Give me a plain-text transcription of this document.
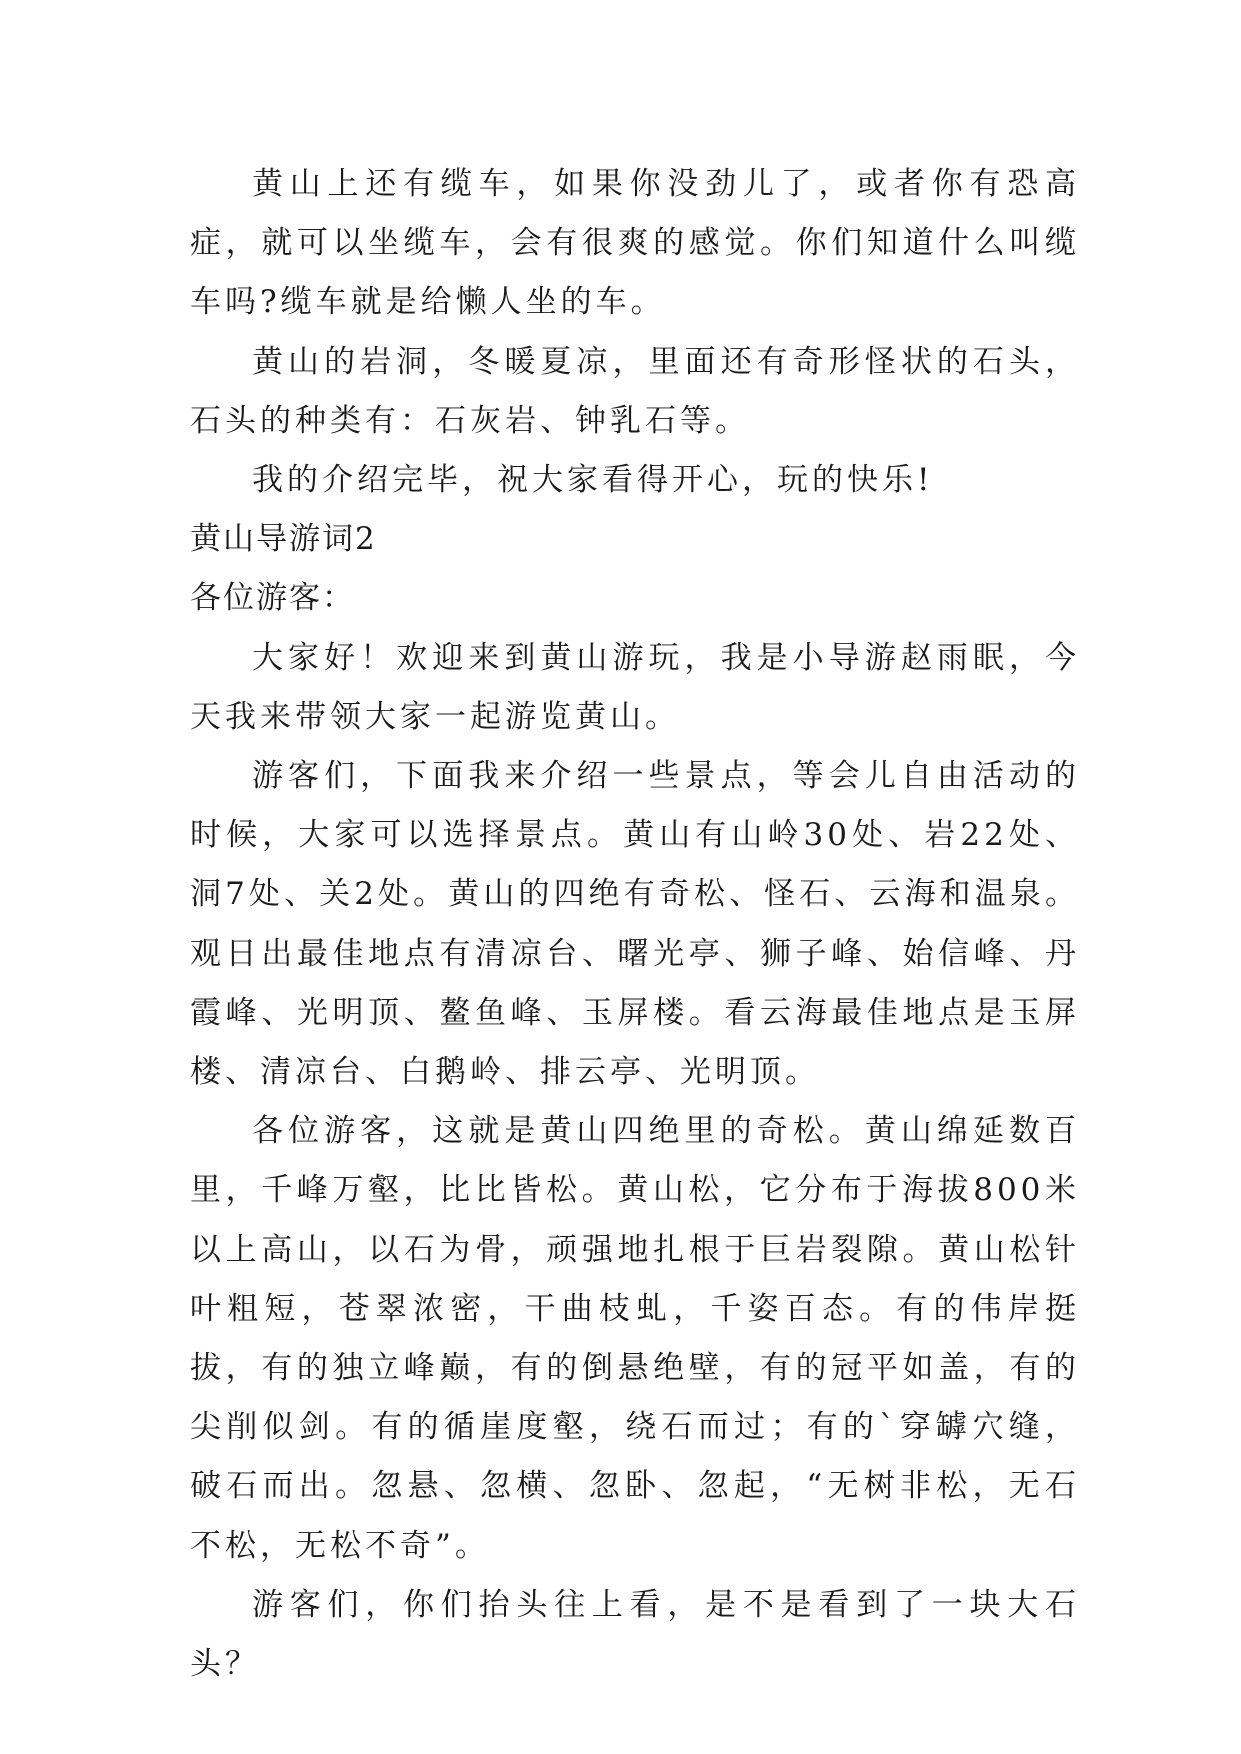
黄山上还有缆车，如果你没劲儿了，或者你有恐高症，就可以坐缆车，会有很爽的感觉。你们知道什么叫缆车吗?缆车就是给懒人坐的车。

黄山的岩洞，冬暖夏凉，里面还有奇形怪状的石头，石头的种类有：石灰岩、钟乳石等。

我的介绍完毕，祝大家看得开心，玩的快乐!

黄山导游词2

各位游客：

大家好！欢迎来到黄山游玩，我是小导游赵雨眠，今天我来带领大家一起游览黄山。

游客们，下面我来介绍一些景点，等会儿自由活动的时候，大家可以选择景点。黄山有山岭30处、岩22处、洞7处、关2处。黄山的四绝有奇松、怪石、云海和温泉。观日出最佳地点有清凉台、曙光亭、狮子峰、始信峰、丹霞峰、光明顶、鳌鱼峰、玉屏楼。看云海最佳地点是玉屏楼、清凉台、白鹅岭、排云亭、光明顶。

各位游客，这就是黄山四绝里的奇松。黄山绵延数百里，千峰万壑，比比皆松。黄山松，它分布于海拔800米以上高山，以石为骨，顽强地扎根于巨岩裂隙。黄山松针叶粗短，苍翠浓密，干曲枝虬，千姿百态。有的伟岸挺拔，有的独立峰巅，有的倒悬绝壁，有的冠平如盖，有的尖削似剑。有的循崖度壑，绕石而过；有的`穿罅穴缝，破石而出。忽悬、忽横、忽卧、忽起，“无树非松，无石不松，无松不奇”。

游客们，你们抬头往上看，是不是看到了一块大石头？
